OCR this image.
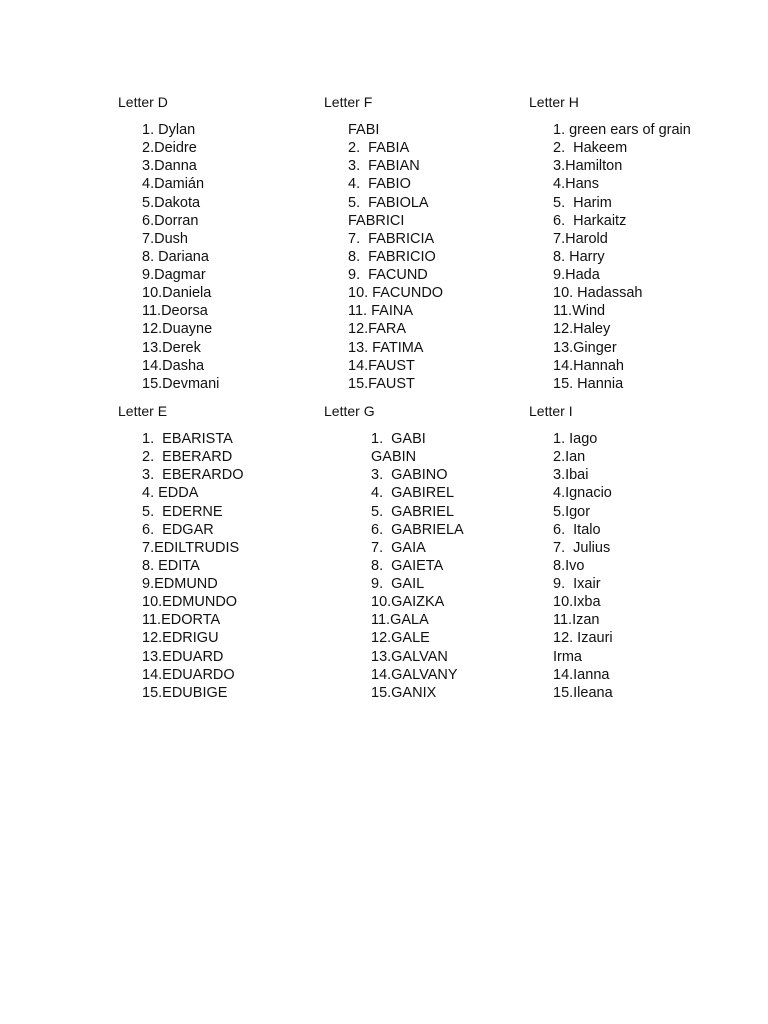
Letter D
1. Dylan
2.Deidre
3.Danna
4.Damián
5.Dakota
6.Dorran
7.Dush
8. Dariana
9.Dagmar
10.Daniela
11.Deorsa
12.Duayne
13.Derek
14.Dasha
15.Devmani
Letter F
FABI
2.  FABIA
3.  FABIAN
4.  FABIO
5.  FABIOLA
FABRICI
7.  FABRICIA
8.  FABRICIO
9.  FACUND
10. FACUNDO
11. FAINA
12.FARA
13. FATIMA
14.FAUST
15.FAUST
Letter H
1. green ears of grain
2.  Hakeem
3.Hamilton
4.Hans
5.  Harim
6.  Harkaitz
7.Harold
8. Harry
9.Hada
10. Hadassah
11.Wind
12.Haley
13.Ginger
14.Hannah
15. Hannia
Letter E
1.  EBARISTA
2.  EBERARD
3.  EBERARDO
4. EDDA
5.  EDERNE
6.  EDGAR
7.EDILTRUDIS
8. EDITA
9.EDMUND
10.EDMUNDO
11.EDORTA
12.EDRIGU
13.EDUARD
14.EDUARDO
15.EDUBIGE
Letter G
1.  GABI
GABIN
3.  GABINO
4.  GABIREL
5.  GABRIEL
6.  GABRIELA
7.  GAIA
8.  GAIETA
9.  GAIL
10.GAIZKA
11.GALA
12.GALE
13.GALVAN
14.GALVANY
15.GANIX
Letter I
1. Iago
2.Ian
3.Ibai
4.Ignacio
5.Igor
6.  Italo
7.  Julius
8.Ivo
9.  Ixair
10.Ixba
11.Izan
12. Izauri
Irma
14.Ianna
15.Ileana
